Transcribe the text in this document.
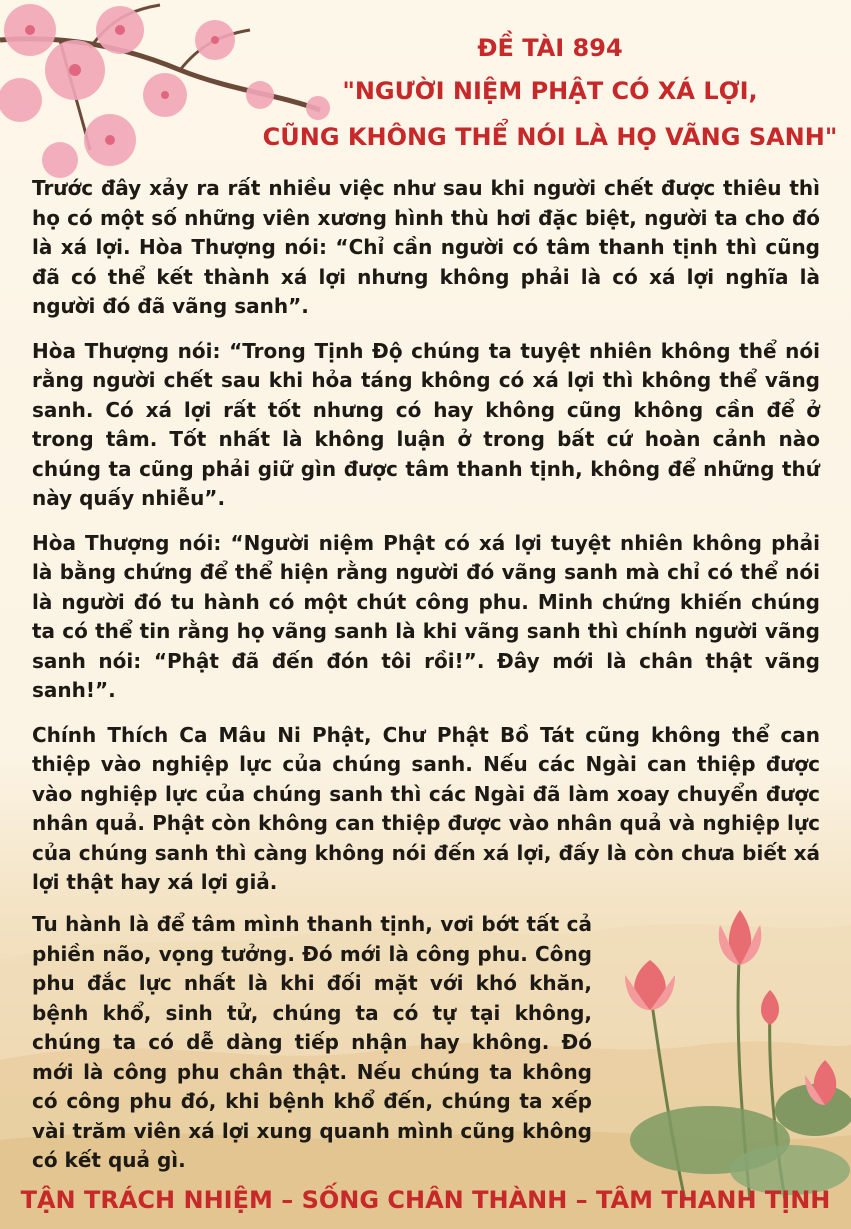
ĐỀ TÀI 894
"NGƯỜI NIỆM PHẬT CÓ XÁ LỢI,
CŨNG KHÔNG THỂ NÓI LÀ HỌ VÃNG SANH"

Trước đây xảy ra rất nhiều việc như sau khi người chết được thiêu thì họ có một số những viên xương hình thù hơi đặc biệt, người ta cho đó là xá lợi. Hòa Thượng nói: “Chỉ cần người có tâm thanh tịnh thì cũng đã có thể kết thành xá lợi nhưng không phải là có xá lợi nghĩa là người đó đã vãng sanh”.

Hòa Thượng nói: “Trong Tịnh Độ chúng ta tuyệt nhiên không thể nói rằng người chết sau khi hỏa táng không có xá lợi thì không thể vãng sanh. Có xá lợi rất tốt nhưng có hay không cũng không cần để ở trong tâm. Tốt nhất là không luận ở trong bất cứ hoàn cảnh nào chúng ta cũng phải giữ gìn được tâm thanh tịnh, không để những thứ này quấy nhiễu”.

Hòa Thượng nói: “Người niệm Phật có xá lợi tuyệt nhiên không phải là bằng chứng để thể hiện rằng người đó vãng sanh mà chỉ có thể nói là người đó tu hành có một chút công phu. Minh chứng khiến chúng ta có thể tin rằng họ vãng sanh là khi vãng sanh thì chính người vãng sanh nói: “Phật đã đến đón tôi rồi!”. Đây mới là chân thật vãng sanh!”.

Chính Thích Ca Mâu Ni Phật, Chư Phật Bồ Tát cũng không thể can thiệp vào nghiệp lực của chúng sanh. Nếu các Ngài can thiệp được vào nghiệp lực của chúng sanh thì các Ngài đã làm xoay chuyển được nhân quả. Phật còn không can thiệp được vào nhân quả và nghiệp lực của chúng sanh thì càng không nói đến xá lợi, đấy là còn chưa biết xá lợi thật hay xá lợi giả.

Tu hành là để tâm mình thanh tịnh, vơi bớt tất cả phiền não, vọng tưởng. Đó mới là công phu. Công phu đắc lực nhất là khi đối mặt với khó khăn, bệnh khổ, sinh tử, chúng ta có tự tại không, chúng ta có dễ dàng tiếp nhận hay không. Đó mới là công phu chân thật. Nếu chúng ta không có công phu đó, khi bệnh khổ đến, chúng ta xếp vài trăm viên xá lợi xung quanh mình cũng không có kết quả gì.

TẬN TRÁCH NHIỆM – SỐNG CHÂN THÀNH – TÂM THANH TỊNH
